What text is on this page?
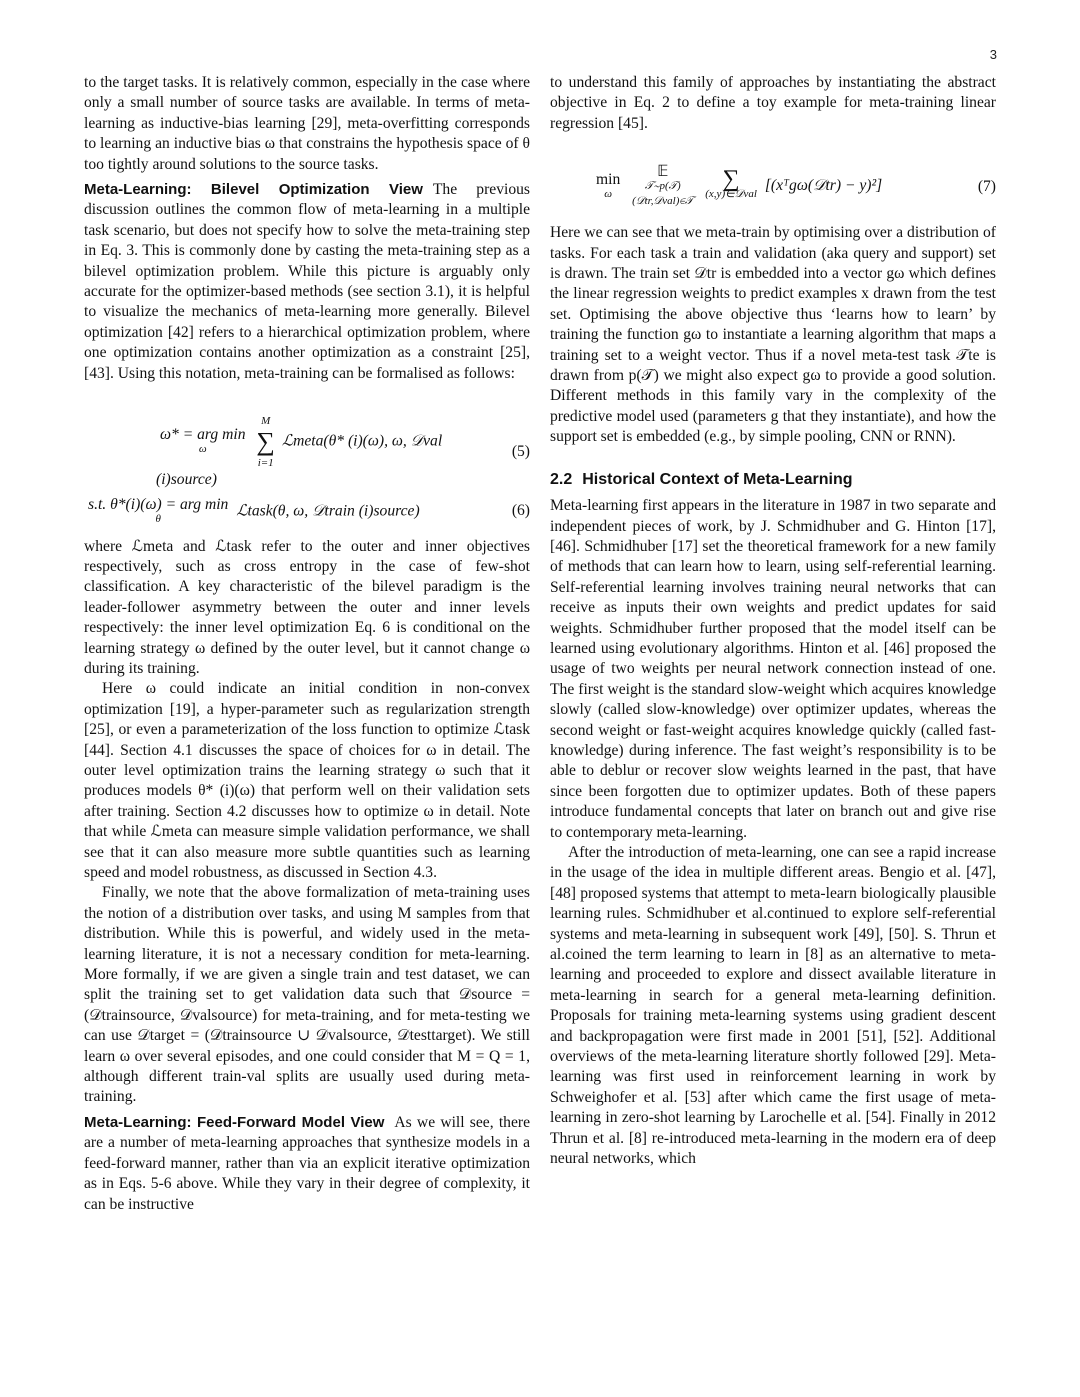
3

to the target tasks. It is relatively common, especially in the case where only a small number of source tasks are available. In terms of meta-learning as inductive-bias learning [29], meta-overfitting corresponds to learning an inductive bias ω that constrains the hypothesis space of θ too tightly around solutions to the source tasks.

Meta-Learning: Bilevel Optimization View The previous discussion outlines the common flow of meta-learning in a multiple task scenario, but does not specify how to solve the meta-training step in Eq. 3. This is commonly done by casting the meta-training step as a bilevel optimization problem. While this picture is arguably only accurate for the optimizer-based methods (see section 3.1), it is helpful to visualize the mechanics of meta-learning more generally. Bilevel optimization [42] refers to a hierarchical optimization problem, where one optimization contains another optimization as a constraint [25], [43]. Using this notation, meta-training can be formalised as follows:

ω* = arg min
ω

M
∑
i=1
ℒmeta(θ* (i)(ω), ω, 𝒟val (i)source)
(5)
s.t. θ*(i)(ω) = arg min
θ	ℒtask(θ, ω, 𝒟train (i)source)	(6)

where ℒmeta and ℒtask refer to the outer and inner objectives respectively, such as cross entropy in the case of few-shot classification. A key characteristic of the bilevel paradigm is the leader-follower asymmetry between the outer and inner levels respectively: the inner level optimization Eq. 6 is conditional on the learning strategy ω defined by the outer level, but it cannot change ω during its training.

Here ω could indicate an initial condition in non-convex optimization [19], a hyper-parameter such as regularization strength [25], or even a parameterization of the loss function to optimize ℒtask [44]. Section 4.1 discusses the space of choices for ω in detail. The outer level optimization trains the learning strategy ω such that it produces models θ* (i)(ω) that perform well on their validation sets after training. Section 4.2 discusses how to optimize ω in detail. Note that while ℒmeta can measure simple validation performance, we shall see that it can also measure more subtle quantities such as learning speed and model robustness, as discussed in Section 4.3.

Finally, we note that the above formalization of meta-training uses the notion of a distribution over tasks, and using M samples from that distribution. While this is powerful, and widely used in the meta-learning literature, it is not a necessary condition for meta-learning. More formally, if we are given a single train and test dataset, we can split the training set to get validation data such that 𝒟source = (𝒟trainsource, 𝒟valsource) for meta-training, and for meta-testing we can use 𝒟target = (𝒟trainsource ∪ 𝒟valsource, 𝒟testtarget). We still learn ω over several episodes, and one could consider that M = Q = 1, although different train-val splits are usually used during meta-training.

Meta-Learning: Feed-Forward Model View As we will see, there are a number of meta-learning approaches that synthesize models in a feed-forward manner, rather than via an explicit iterative optimization as in Eqs. 5-6 above. While they vary in their degree of complexity, it can be instructive

to understand this family of approaches by instantiating the abstract objective in Eq. 2 to define a toy example for meta-training linear regression [45].

min
ω

𝔼
𝒯∼p(𝒯)
(𝒟tr,𝒟val)∈𝒯

∑
(x,y)∈𝒟val [(xᵀgω(𝒟tr) − y)²]	(7)

Here we can see that we meta-train by optimising over a distribution of tasks. For each task a train and validation (aka query and support) set is drawn. The train set 𝒟tr is embedded into a vector gω which defines the linear regression weights to predict examples x drawn from the test set. Optimising the above objective thus ‘learns how to learn’ by training the function gω to instantiate a learning algorithm that maps a training set to a weight vector. Thus if a novel meta-test task 𝒯te is drawn from p(𝒯) we might also expect gω to provide a good solution. Different methods in this family vary in the complexity of the predictive model used (parameters g that they instantiate), and how the support set is embedded (e.g., by simple pooling, CNN or RNN).

2.2 Historical Context of Meta-Learning

Meta-learning first appears in the literature in 1987 in two separate and independent pieces of work, by J. Schmidhuber and G. Hinton [17], [46]. Schmidhuber [17] set the theoretical framework for a new family of methods that can learn how to learn, using self-referential learning. Self-referential learning involves training neural networks that can receive as inputs their own weights and predict updates for said weights. Schmidhuber further proposed that the model itself can be learned using evolutionary algorithms. Hinton et al. [46] proposed the usage of two weights per neural network connection instead of one. The first weight is the standard slow-weight which acquires knowledge slowly (called slow-knowledge) over optimizer updates, whereas the second weight or fast-weight acquires knowledge quickly (called fast-knowledge) during inference. The fast weight’s responsibility is to be able to deblur or recover slow weights learned in the past, that have since been forgotten due to optimizer updates. Both of these papers introduce fundamental concepts that later on branch out and give rise to contemporary meta-learning.

After the introduction of meta-learning, one can see a rapid increase in the usage of the idea in multiple different areas. Bengio et al. [47], [48] proposed systems that attempt to meta-learn biologically plausible learning rules. Schmidhuber et al.continued to explore self-referential systems and meta-learning in subsequent work [49], [50]. S. Thrun et al.coined the term learning to learn in [8] as an alternative to meta-learning and proceeded to explore and dissect available literature in meta-learning in search for a general meta-learning definition. Proposals for training meta-learning systems using gradient descent and backpropagation were first made in 2001 [51], [52]. Additional overviews of the meta-learning literature shortly followed [29]. Meta-learning was first used in reinforcement learning in work by Schweighofer et al. [53] after which came the first usage of meta-learning in zero-shot learning by Larochelle et al. [54]. Finally in 2012 Thrun et al. [8] re-introduced meta-learning in the modern era of deep neural networks, which
